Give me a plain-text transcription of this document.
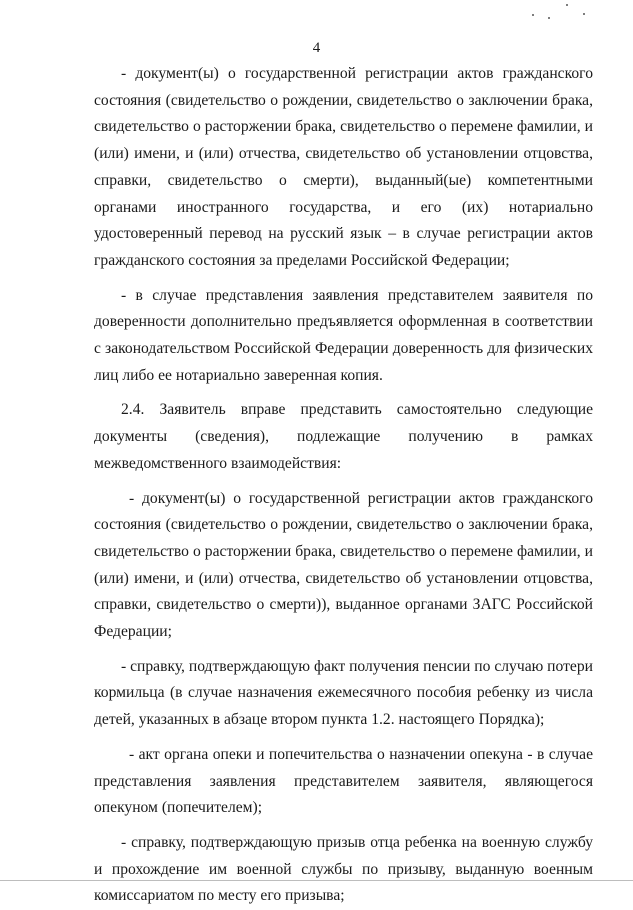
4

- документ(ы) о государственной регистрации актов гражданского состояния (свидетельство о рождении, свидетельство о заключении брака, свидетельство о расторжении брака, свидетельство о перемене фамилии, и (или) имени, и (или) отчества, свидетельство об установлении отцовства, справки, свидетельство о смерти), выданный(ые) компетентными органами иностранного государства, и его (их) нотариально удостоверенный перевод на русский язык – в случае регистрации актов гражданского состояния за пределами Российской Федерации;

- в случае представления заявления представителем заявителя по доверенности дополнительно предъявляется оформленная в соответствии с законодательством Российской Федерации доверенность для физических лиц либо ее нотариально заверенная копия.

2.4. Заявитель вправе представить самостоятельно следующие документы (сведения), подлежащие получению в рамках межведомственного взаимодействия:

- документ(ы) о государственной регистрации актов гражданского состояния (свидетельство о рождении, свидетельство о заключении брака, свидетельство о расторжении брака, свидетельство о перемене фамилии, и (или) имени, и (или) отчества, свидетельство об установлении отцовства, справки, свидетельство о смерти)), выданное органами ЗАГС Российской Федерации;

- справку, подтверждающую факт получения пенсии по случаю потери кормильца (в случае назначения ежемесячного пособия ребенку из числа детей, указанных в абзаце втором пункта 1.2. настоящего Порядка);

- акт органа опеки и попечительства о назначении опекуна - в случае представления заявления представителем заявителя, являющегося опекуном (попечителем);

- справку, подтверждающую призыв отца ребенка на военную службу и прохождение им военной службы по призыву, выданную военным комиссариатом по месту его призыва;
